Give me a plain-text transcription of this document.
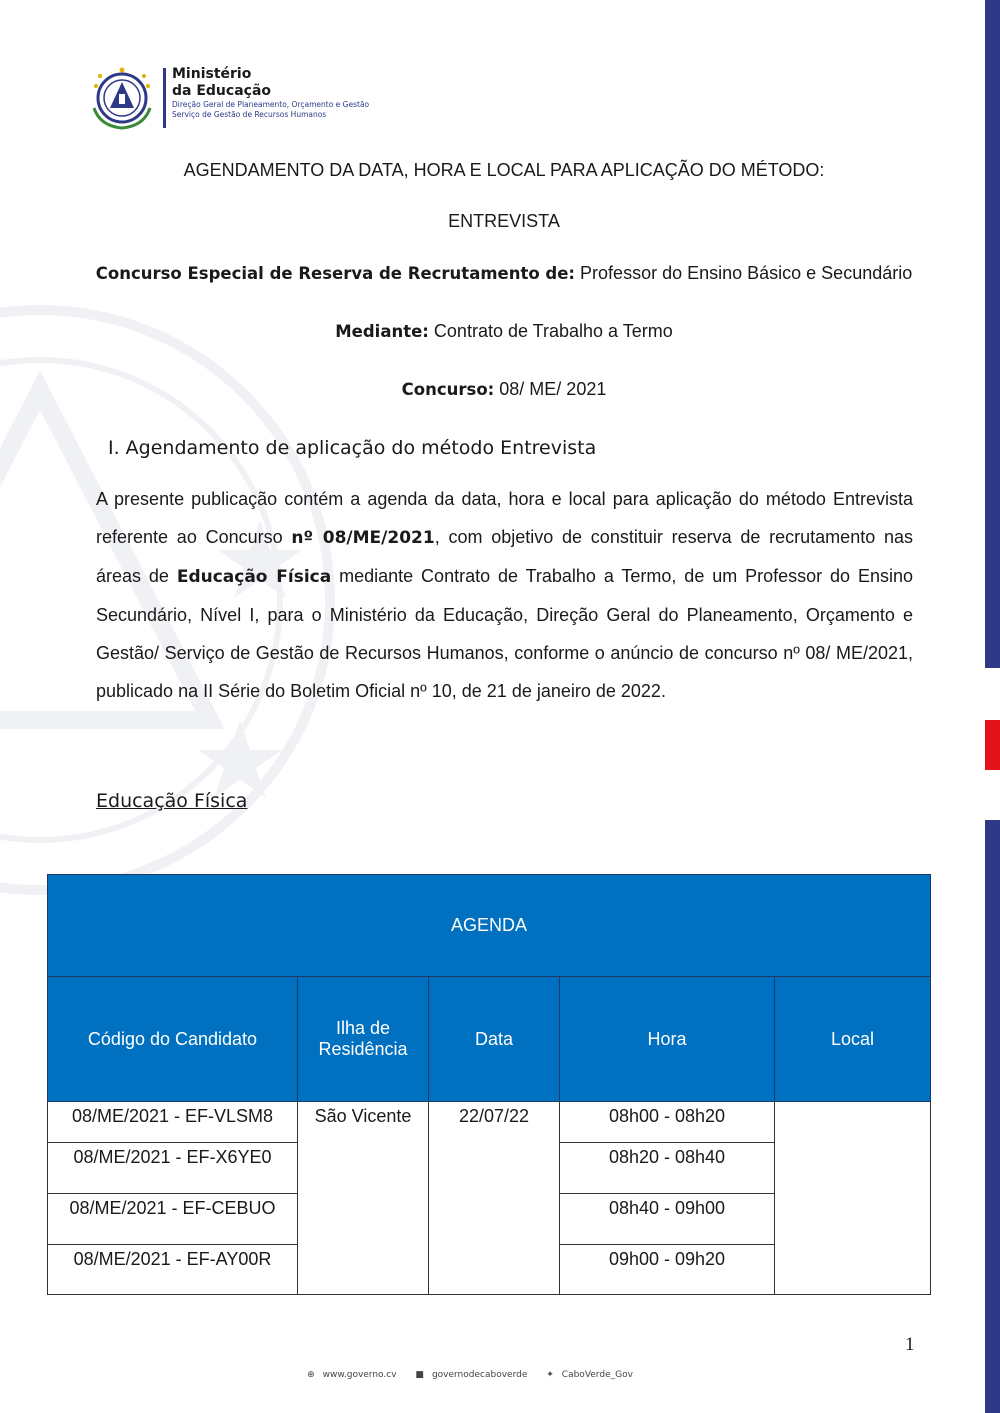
Ministério
da Educação
Direção Geral de Planeamento, Orçamento e Gestão
Serviço de Gestão de Recursos Humanos
AGENDAMENTO DA DATA, HORA E LOCAL PARA APLICAÇÃO DO MÉTODO:
ENTREVISTA
Concurso Especial de Reserva de Recrutamento de: Professor do Ensino Básico e Secundário
Mediante: Contrato de Trabalho a Termo
Concurso: 08/ ME/ 2021
I. Agendamento de aplicação do método Entrevista
A presente publicação contém a agenda da data, hora e local para aplicação do método Entrevista referente ao Concurso nº 08/ME/2021, com objetivo de constituir reserva de recrutamento nas áreas de Educação Física mediante Contrato de Trabalho a Termo, de um Professor do Ensino Secundário, Nível I, para o Ministério da Educação, Direção Geral do Planeamento, Orçamento e Gestão/ Serviço de Gestão de Recursos Humanos, conforme o anúncio de concurso nº 08/ ME/2021, publicado na II Série do Boletim Oficial nº 10, de 21 de janeiro de 2022.
Educação Física
AGENDA				
Código do Candidato	Ilha de Residência	Data	Hora	Local
08/ME/2021 - EF-VLSM8	São Vicente	22/07/22	08h00 - 08h20	
08/ME/2021 - EF-X6YE0			08h20 - 08h40	
08/ME/2021 - EF-CEBUO			08h40 - 09h00	
08/ME/2021 - EF-AY00R			09h00 - 09h20	
1
⊕ www.governo.cv ■ governodecaboverde ✦ CaboVerde_Gov
